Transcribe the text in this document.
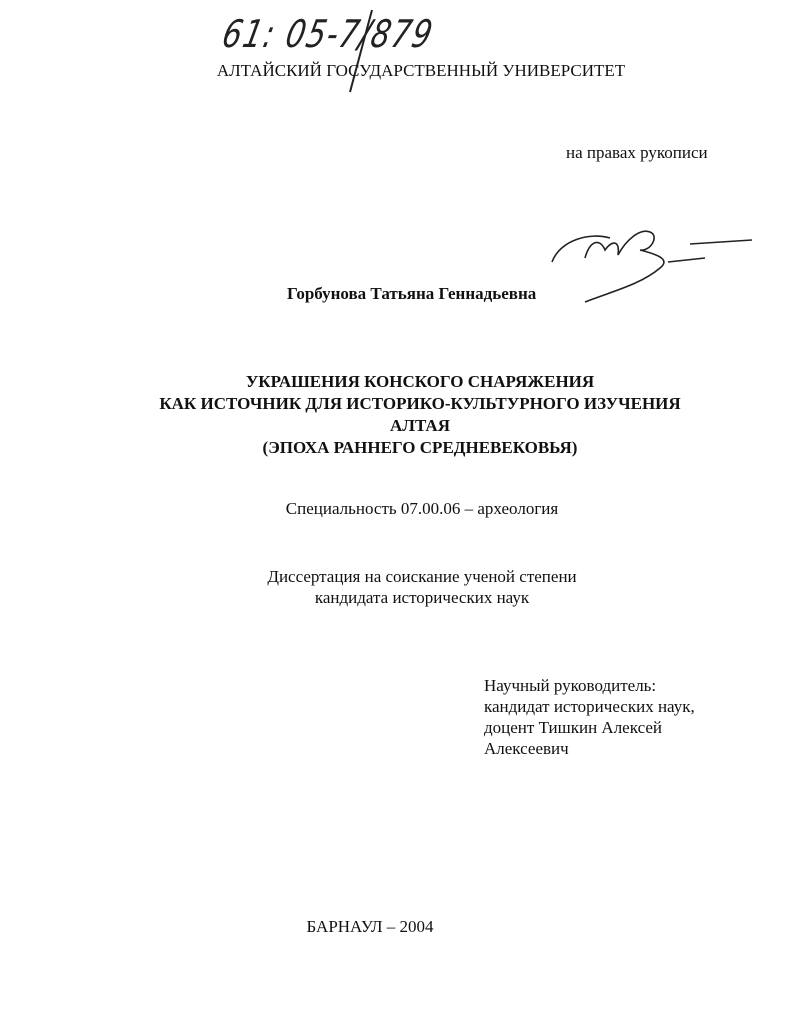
61: 05-7/879
АЛТАЙСКИЙ ГОСУДАРСТВЕННЫЙ УНИВЕРСИТЕТ
на правах рукописи
Горбунова Татьяна Геннадьевна
УКРАШЕНИЯ КОНСКОГО СНАРЯЖЕНИЯ
КАК ИСТОЧНИК ДЛЯ ИСТОРИКО-КУЛЬТУРНОГО ИЗУЧЕНИЯ
АЛТАЯ
(ЭПОХА РАННЕГО СРЕДНЕВЕКОВЬЯ)
Специальность 07.00.06 – археология
Диссертация на соискание ученой степени
кандидата исторических наук
Научный руководитель:
кандидат исторических наук,
доцент Тишкин Алексей
Алексеевич
БАРНАУЛ – 2004
